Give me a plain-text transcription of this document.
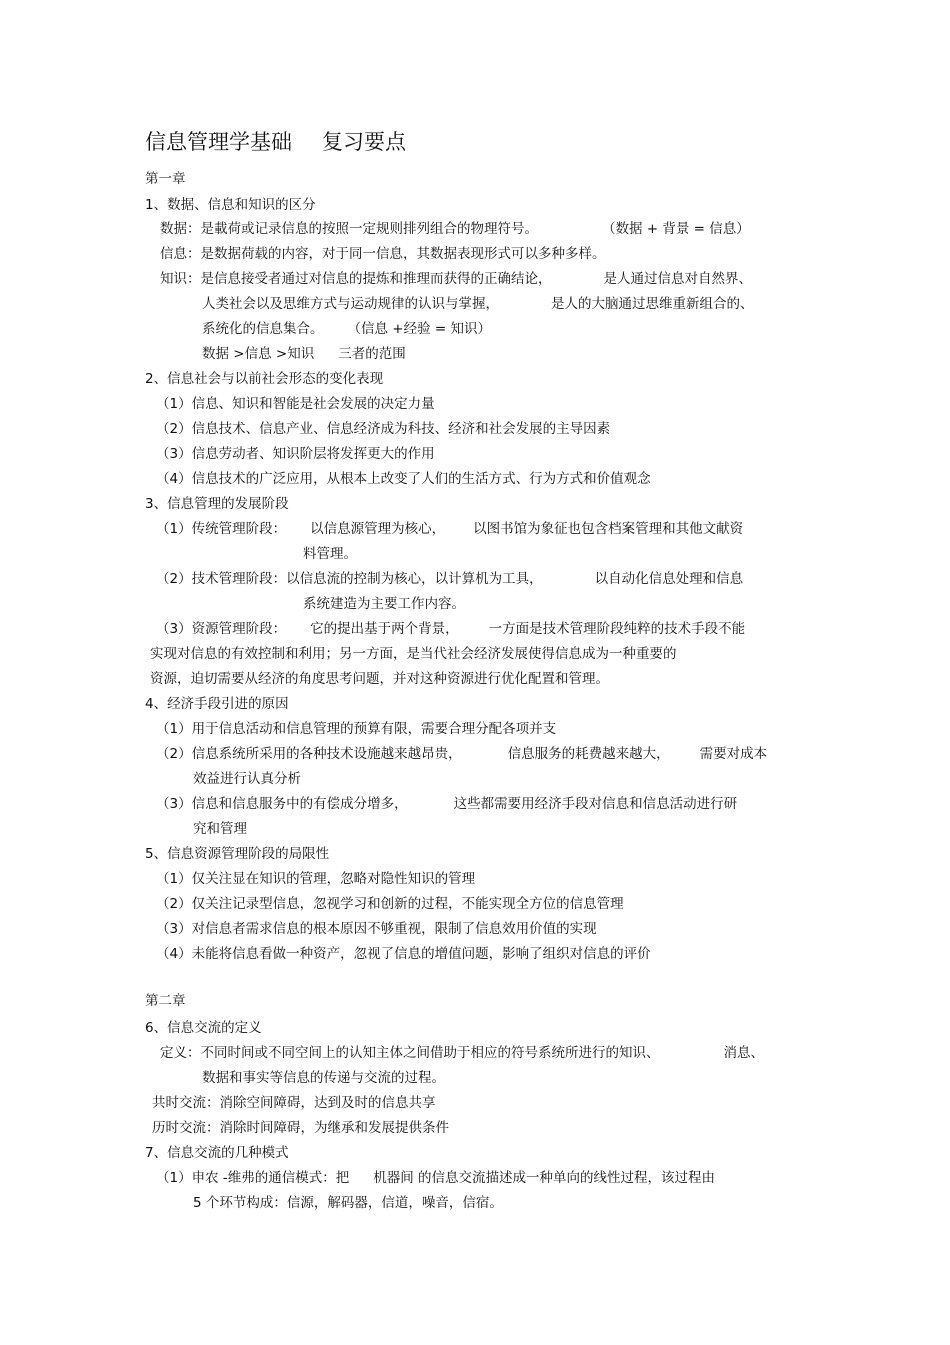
信息管理学基础 复习要点
第一章
1、数据、信息和知识的区分
数据：是載荷或记录信息的按照一定规则排列组合的物理符号。	（数据 + 背景 = 信息）
信息：是数据荷载的内容，对于同一信息，其数据表现形式可以多种多样。
知识：是信息接受者通过对信息的提炼和推理而获得的正确结论，	是人通过信息对自然界、
人类社会以及思维方式与运动规律的认识与掌握，	是人的大脑通过思维重新组合的、
系统化的信息集合。 （信息 +经验 = 知识）
数据 >信息 >知识 三者的范围
2、信息社会与以前社会形态的变化表现
（1）信息、知识和智能是社会发展的决定力量
（2）信息技术、信息产业、信息经济成为科技、经济和社会发展的主导因素
（3）信息劳动者、知识阶层将发挥更大的作用
（4）信息技术的广泛应用，从根本上改变了人们的生活方式、行为方式和价值观念
3、信息管理的发展阶段
（1）传统管理阶段： 以信息源管理为核心， 以图书馆为象征也包含档案管理和其他文献资
料管理。
（2）技术管理阶段：以信息流的控制为核心，以计算机为工具，	以自动化信息处理和信息
系统建造为主要工作内容。
（3）资源管理阶段： 它的提出基于两个背景， 一方面是技术管理阶段纯粹的技术手段不能
实现对信息的有效控制和利用；另一方面，是当代社会经济发展使得信息成为一种重要的
资源，迫切需要从经济的角度思考问题，并对这种资源进行优化配置和管理。
4、经济手段引进的原因
（1）用于信息活动和信息管理的预算有限，需要合理分配各项并支
（2）信息系统所采用的各种技术设施越来越昂贵，	信息服务的耗费越来越大， 需要对成本
效益进行认真分析
（3）信息和信息服务中的有偿成分增多，	这些都需要用经济手段对信息和信息活动进行研
究和管理
5、信息资源管理阶段的局限性
（1）仅关注显在知识的管理，忽略对隐性知识的管理
（2）仅关注记录型信息，忽视学习和创新的过程，不能实现全方位的信息管理
（3）对信息者需求信息的根本原因不够重视，限制了信息效用价值的实现
（4）未能将信息看做一种资产，忽视了信息的增值问题，影响了组织对信息的评价
第二章
6、信息交流的定义
定义：不同时间或不同空间上的认知主体之间借助于相应的符号系统所进行的知识、	消息、
数据和事实等信息的传递与交流的过程。
共时交流：消除空间障碍，达到及时的信息共享
历时交流：消除时间障碍，为继承和发展提供条件
7、信息交流的几种模式
（1）申农 -维弗的通信模式：把 机器间 的信息交流描述成一种单向的线性过程，该过程由
5 个环节构成：信源，解码器，信道，噪音，信宿。
